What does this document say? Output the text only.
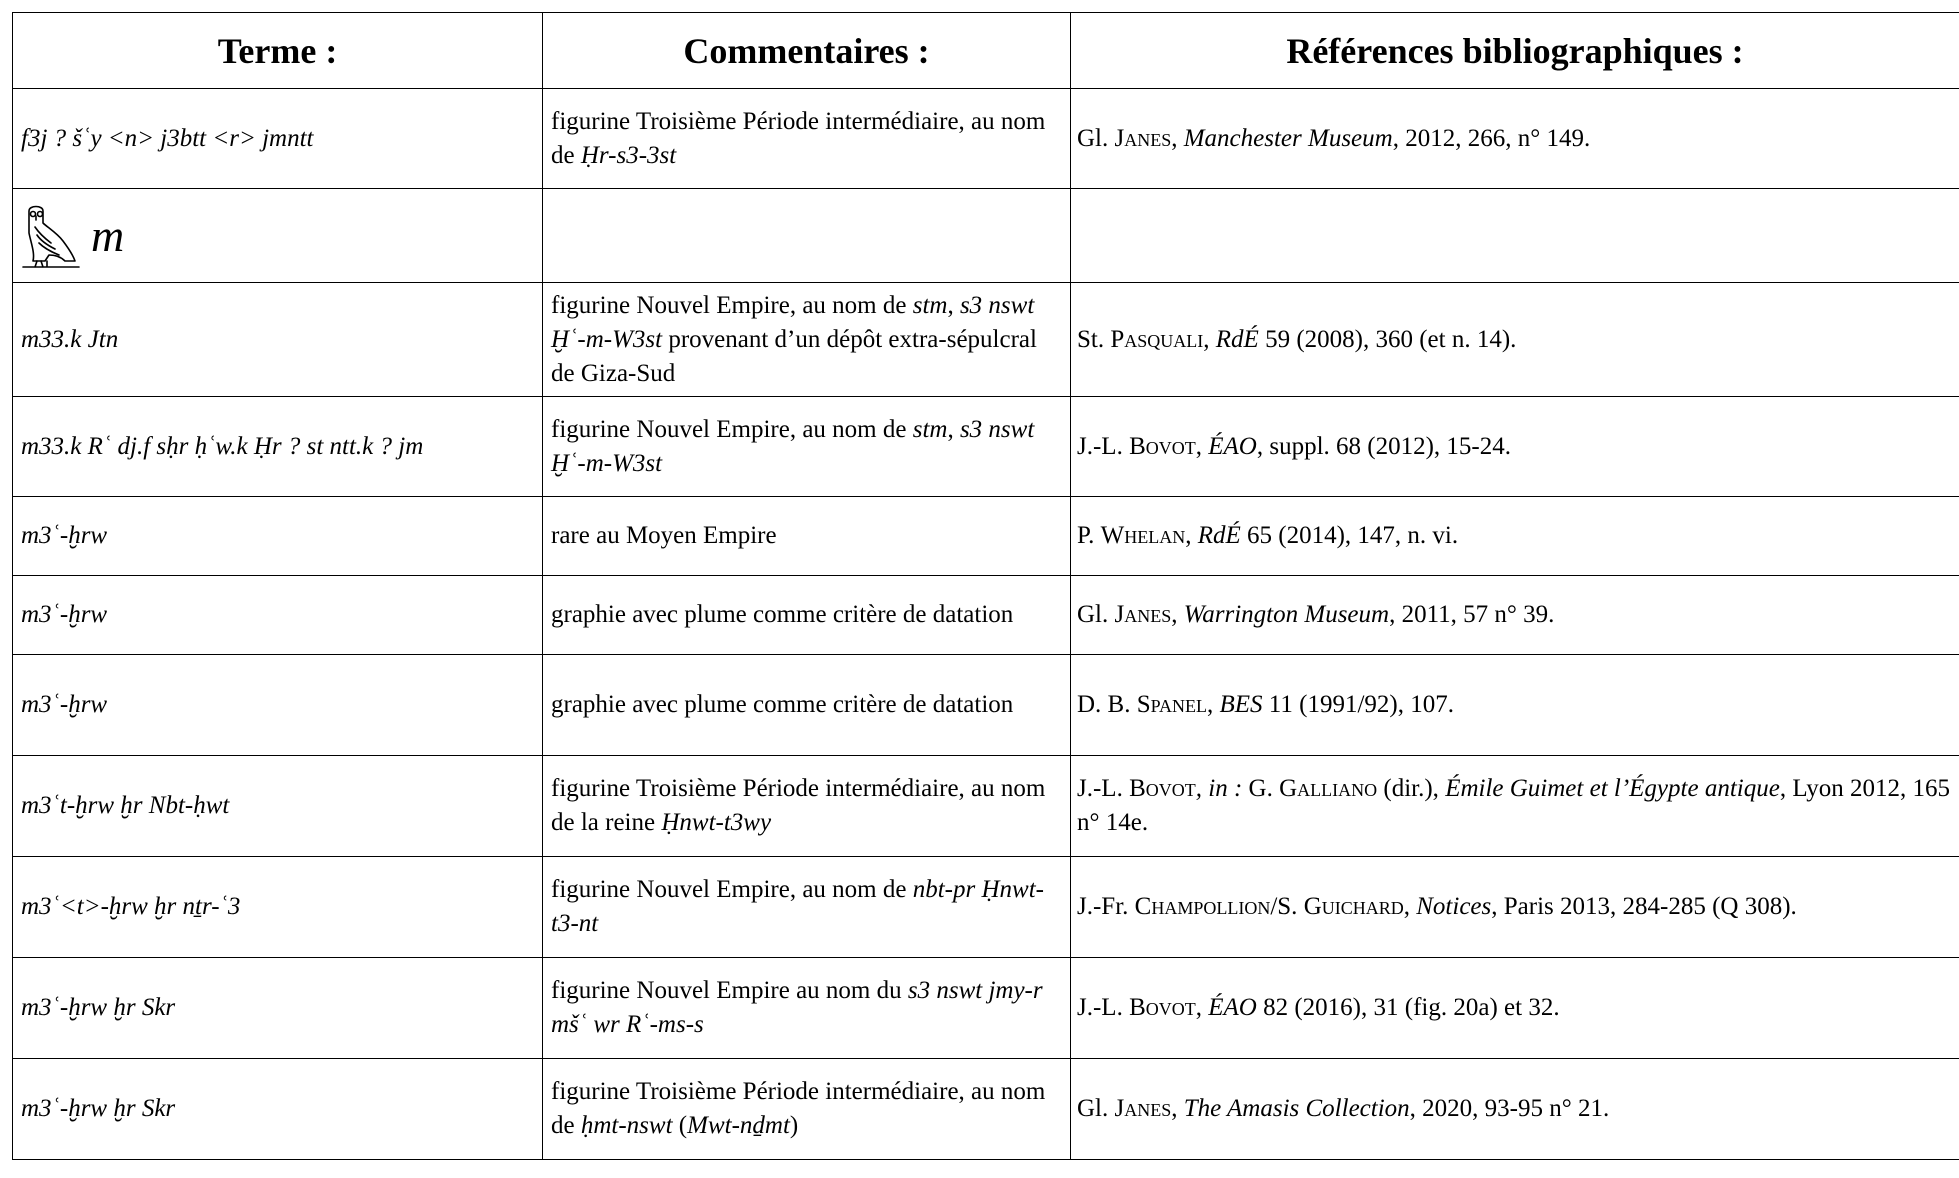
Terme :	Commentaires :	Références bibliographiques :
f3j ? šʿy <n> j3btt <r> jmntt	figurine Troisième Période intermédiaire, au nom de Ḥr-s3-3st	Gl. Janes, Manchester Museum, 2012, 266, n° 149.

m		

m33.k Jtn	figurine Nouvel Empire, au nom de stm, s3 nswt Ḫʿ-m-W3st provenant d’un dépôt extra-sépulcral de Giza-Sud	St. Pasquali, RdÉ 59 (2008), 360 (et n. 14).
m33.k Rʿ dj.f sḥr ḥʿw.k Ḥr ? st ntt.k ? jm	figurine Nouvel Empire, au nom de stm, s3 nswt Ḫʿ-m-W3st	J.-L. Bovot, ÉAO, suppl. 68 (2012), 15-24.
m3ʿ-ḫrw	rare au Moyen Empire	P. Whelan, RdÉ 65 (2014), 147, n. vi.
m3ʿ-ḫrw	graphie avec plume comme critère de datation	Gl. Janes, Warrington Museum, 2011, 57 n° 39.
m3ʿ-ḫrw	graphie avec plume comme critère de datation	D. B. Spanel, BES 11 (1991/92), 107.
m3ʿt-ḫrw ḫr Nbt-ḥwt	figurine Troisième Période intermédiaire, au nom de la reine Ḥnwt-t3wy	J.-L. Bovot, in : G. Galliano (dir.), Émile Guimet et l’Égypte antique, Lyon 2012, 165 n° 14e.
m3ʿ<t>-ḫrw ḫr nṯr-ʿ3	figurine Nouvel Empire, au nom de nbt-pr Ḥnwt-t3-nt	J.-Fr. Champollion/S. Guichard, Notices, Paris 2013, 284-285 (Q 308).
m3ʿ-ḫrw ḫr Skr	figurine Nouvel Empire au nom du s3 nswt jmy-r mšʿ wr Rʿ-ms-s	J.-L. Bovot, ÉAO 82 (2016), 31 (fig. 20a) et 32.
m3ʿ-ḫrw ḫr Skr	figurine Troisième Période intermédiaire, au nom de ḥmt-nswt (Mwt-nḏmt)	Gl. Janes, The Amasis Collection, 2020, 93-95 n° 21.
